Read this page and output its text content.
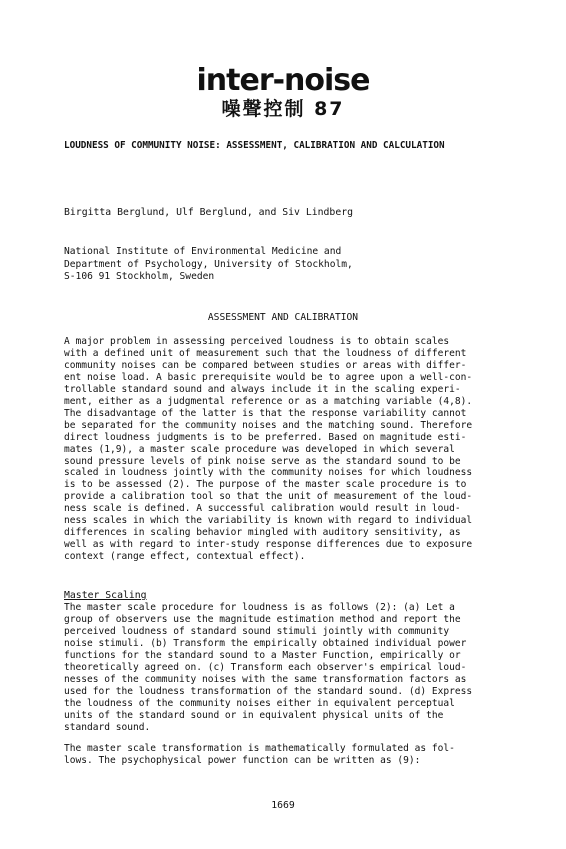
inter-noise
噪聲控制 87
LOUDNESS OF COMMUNITY NOISE: ASSESSMENT, CALIBRATION AND CALCULATION
Birgitta Berglund, Ulf Berglund, and Siv Lindberg
National Institute of Environmental Medicine and
Department of Psychology, University of Stockholm,
S-106 91 Stockholm, Sweden
ASSESSMENT AND CALIBRATION
A major problem in assessing perceived loudness is to obtain scales
with a defined unit of measurement such that the loudness of different
community noises can be compared between studies or areas with differ-
ent noise load. A basic prerequisite would be to agree upon a well-con-
trollable standard sound and always include it in the scaling experi-
ment, either as a judgmental reference or as a matching variable (4,8).
The disadvantage of the latter is that the response variability cannot
be separated for the community noises and the matching sound. Therefore
direct loudness judgments is to be preferred. Based on magnitude esti-
mates (1,9), a master scale procedure was developed in which several
sound pressure levels of pink noise serve as the standard sound to be
scaled in loudness jointly with the community noises for which loudness
is to be assessed (2). The purpose of the master scale procedure is to
provide a calibration tool so that the unit of measurement of the loud-
ness scale is defined. A successful calibration would result in loud-
ness scales in which the variability is known with regard to individual
differences in scaling behavior mingled with auditory sensitivity, as
well as with regard to inter-study response differences due to exposure
context (range effect, contextual effect).
Master Scaling
The master scale procedure for loudness is as follows (2): (a) Let a
group of observers use the magnitude estimation method and report the
perceived loudness of standard sound stimuli jointly with community
noise stimuli. (b) Transform the empirically obtained individual power
functions for the standard sound to a Master Function, empirically or
theoretically agreed on. (c) Transform each observer's empirical loud-
nesses of the community noises with the same transformation factors as
used for the loudness transformation of the standard sound. (d) Express
the loudness of the community noises either in equivalent perceptual
units of the standard sound or in equivalent physical units of the
standard sound.
The master scale transformation is mathematically formulated as fol-
lows. The psychophysical power function can be written as (9):
1669
